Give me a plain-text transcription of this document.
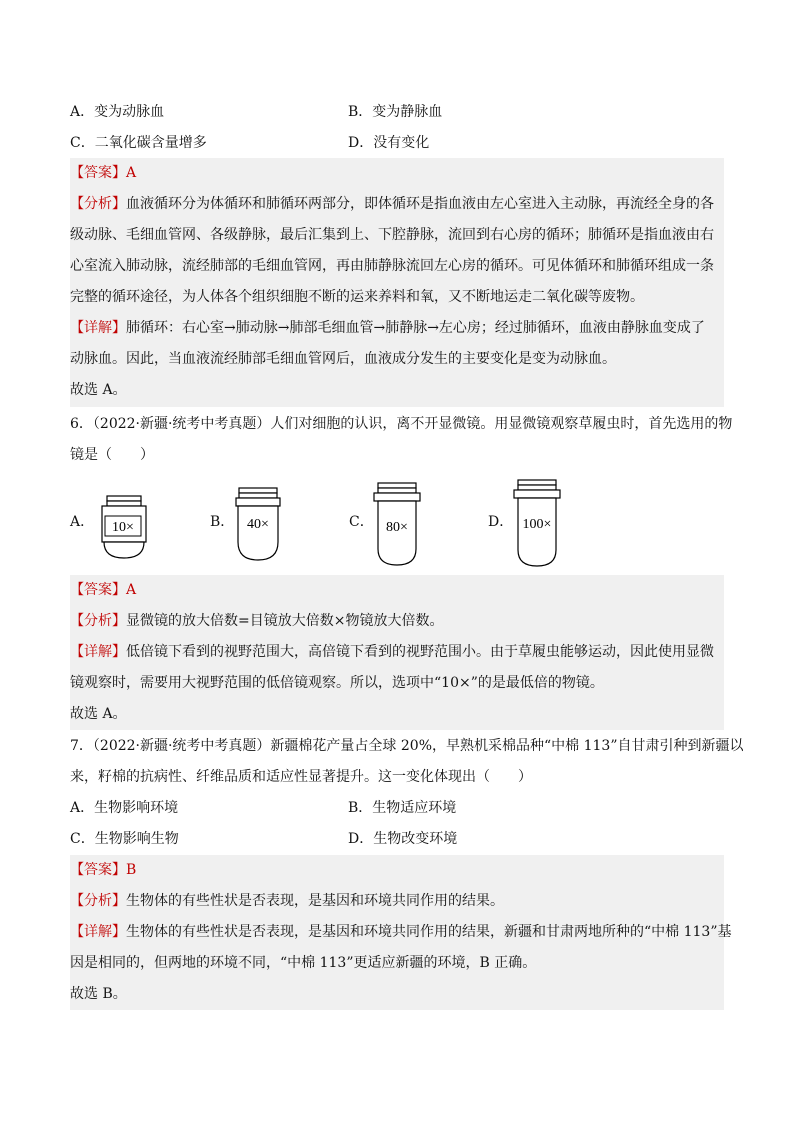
A．变为动脉血	B．变为静脉血
C．二氧化碳含量增多	D．没有变化
【答案】A
【分析】血液循环分为体循环和肺循环两部分，即体循环是指血液由左心室进入主动脉，再流经全身的各
级动脉、毛细血管网、各级静脉，最后汇集到上、下腔静脉，流回到右心房的循环；肺循环是指血液由右
心室流入肺动脉，流经肺部的毛细血管网，再由肺静脉流回左心房的循环。可见体循环和肺循环组成一条
完整的循环途径，为人体各个组织细胞不断的运来养料和氧，又不断地运走二氧化碳等废物。
【详解】肺循环：右心室→肺动脉→肺部毛细血管→肺静脉→左心房；经过肺循环，血液由静脉血变成了
动脉血。因此，当血液流经肺部毛细血管网后，血液成分发生的主要变化是变为动脉血。
故选 A。
6．（2022·新疆·统考中考真题）人们对细胞的认识，离不开显微镜。用显微镜观察草履虫时，首先选用的物
镜是（　　）
A． 10×	B． 40×	C． 80×	D． 100×
【答案】A
【分析】显微镜的放大倍数=目镜放大倍数×物镜放大倍数。
【详解】低倍镜下看到的视野范围大，高倍镜下看到的视野范围小。由于草履虫能够运动，因此使用显微
镜观察时，需要用大视野范围的低倍镜观察。所以，选项中“10×”的是最低倍的物镜。
故选 A。
7．（2022·新疆·统考中考真题）新疆棉花产量占全球 20%，早熟机采棉品种“中棉 113”自甘肃引种到新疆以
来，籽棉的抗病性、纤维品质和适应性显著提升。这一变化体现出（　　）
A．生物影响环境	B．生物适应环境
C．生物影响生物	D．生物改变环境
【答案】B
【分析】生物体的有些性状是否表现，是基因和环境共同作用的结果。
【详解】生物体的有些性状是否表现，是基因和环境共同作用的结果，新疆和甘肃两地所种的“中棉 113”基
因是相同的，但两地的环境不同，“中棉 113”更适应新疆的环境，B 正确。
故选 B。
